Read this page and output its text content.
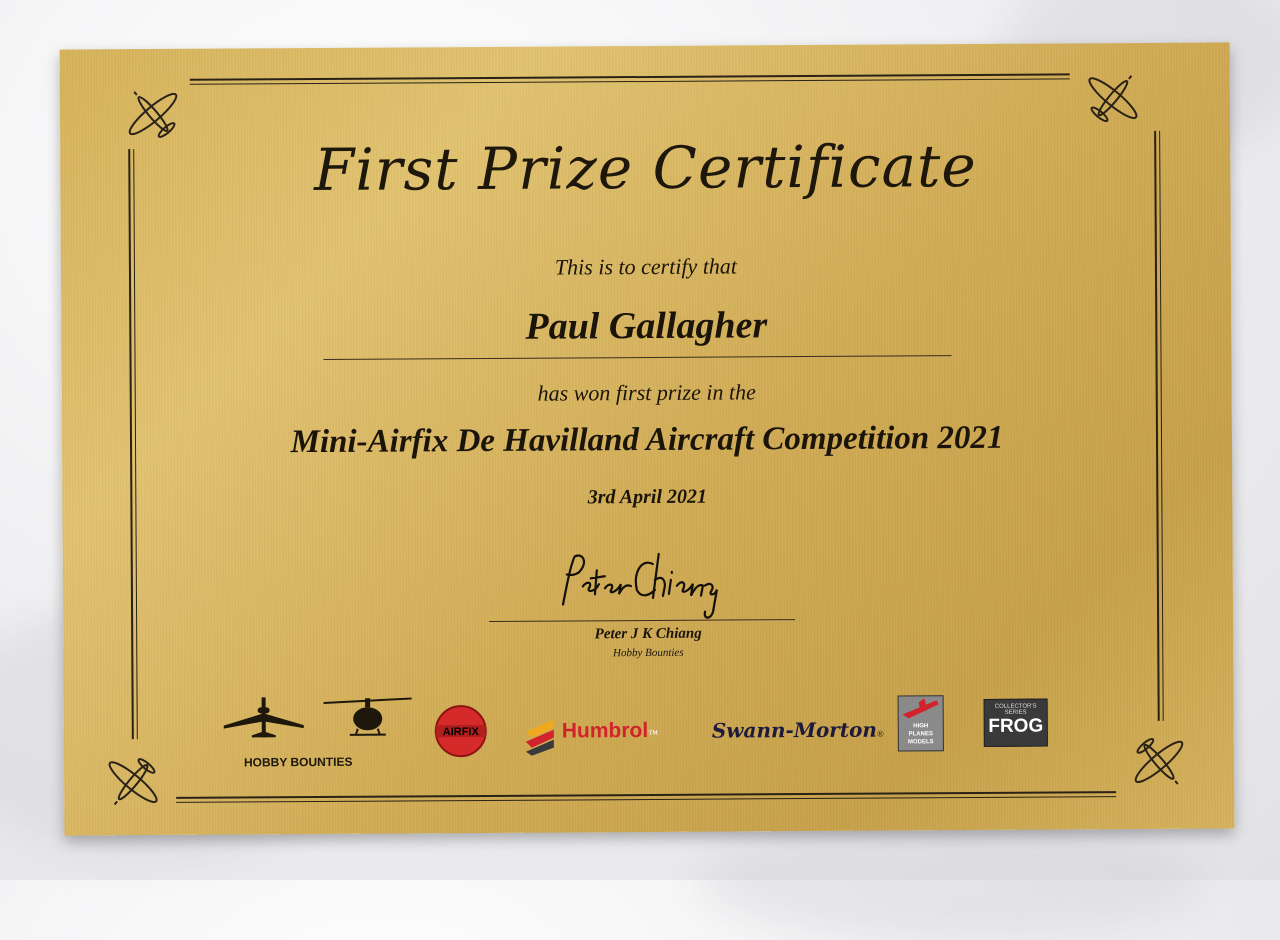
First Prize Certificate
This is to certify that
Paul Gallagher
has won first prize in the
Mini-Airfix De Havilland Aircraft Competition 2021
3rd April 2021
Peter J K Chiang
Hobby Bounties
HOBBY BOUNTIES
AIRFIX	Humbrol™	Swann-Morton®
HIGH
PLANES
MODELS
COLLECTOR'S SERIES
FROG
